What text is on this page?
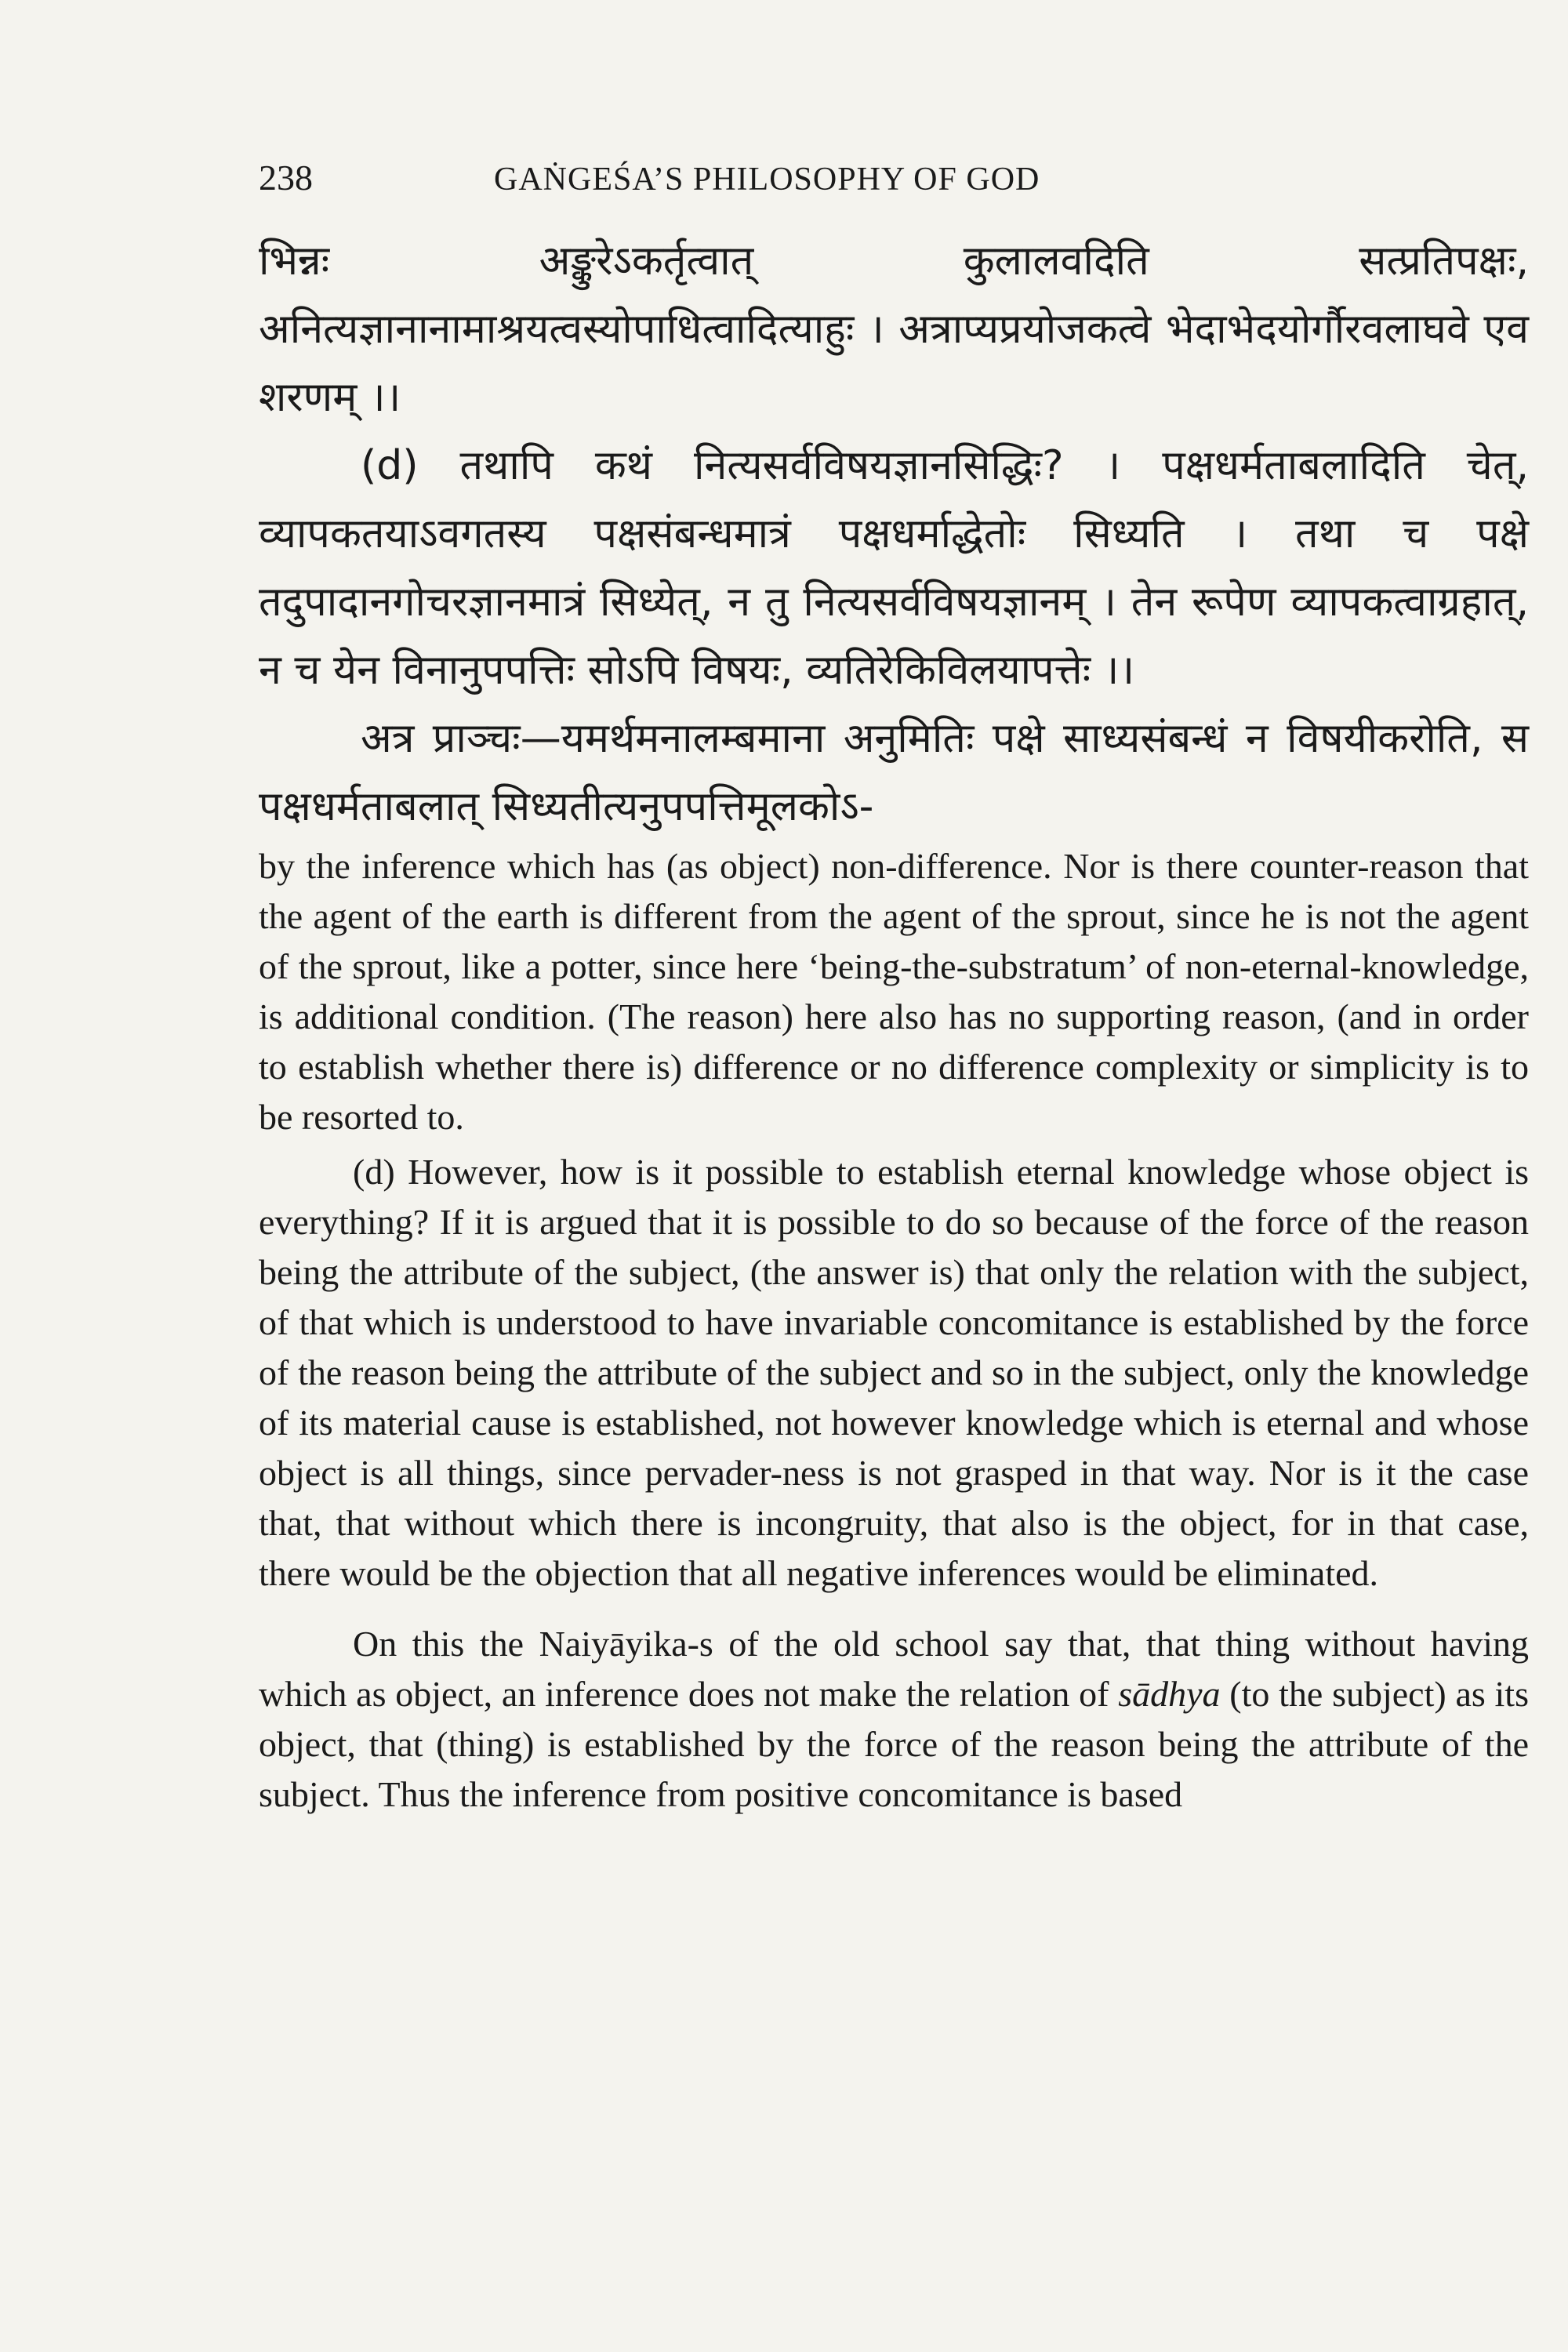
238	GAṄGEŚA’S PHILOSOPHY OF GOD

भिन्नः अङ्कुरेऽकर्तृत्वात् कुलालवदिति सत्प्रतिपक्षः, अनित्यज्ञानानामाश्रयत्वस्योपाधित्वादित्याहुः । अत्राप्यप्रयोजकत्वे भेदाभेदयोर्गौरवलाघवे एव शरणम् ।।

(d) तथापि कथं नित्यसर्वविषयज्ञानसिद्धिः? । पक्षधर्मताबलादिति चेत्, व्यापकतयाऽवगतस्य पक्षसंबन्धमात्रं पक्षधर्माद्धेतोः सिध्यति । तथा च पक्षे तदुपादानगोचरज्ञानमात्रं सिध्येत्, न तु नित्यसर्वविषयज्ञानम् । तेन रूपेण व्यापकत्वाग्रहात्, न च येन विनानुपपत्तिः सोऽपि विषयः, व्यतिरेकिविलयापत्तेः ।।

अत्र प्राञ्चः—यमर्थमनालम्बमाना अनुमितिः पक्षे साध्यसंबन्धं न विषयीकरोति, स पक्षधर्मताबलात् सिध्यतीत्यनुपपत्तिमूलकोऽ-

by the inference which has (as object) non-difference. Nor is there counter-reason that the agent of the earth is different from the agent of the sprout, since he is not the agent of the sprout, like a potter, since here ‘being-the-substratum’ of non-eternal-knowledge, is additional condition. (The reason) here also has no supporting reason, (and in order to establish whether there is) difference or no difference complexity or simplicity is to be resorted to.

(d) However, how is it possible to establish eternal knowledge whose object is everything? If it is argued that it is possible to do so because of the force of the reason being the attribute of the subject, (the answer is) that only the relation with the subject, of that which is understood to have invariable concomitance is established by the force of the reason being the attribute of the subject and so in the subject, only the knowledge of its material cause is established, not however knowledge which is eternal and whose object is all things, since pervader-ness is not grasped in that way. Nor is it the case that, that without which there is incongruity, that also is the object, for in that case, there would be the objection that all negative inferences would be eliminated.

On this the Naiyāyika-s of the old school say that, that thing without having which as object, an inference does not make the relation of sādhya (to the subject) as its object, that (thing) is established by the force of the reason being the attribute of the subject. Thus the inference from positive concomitance is based
